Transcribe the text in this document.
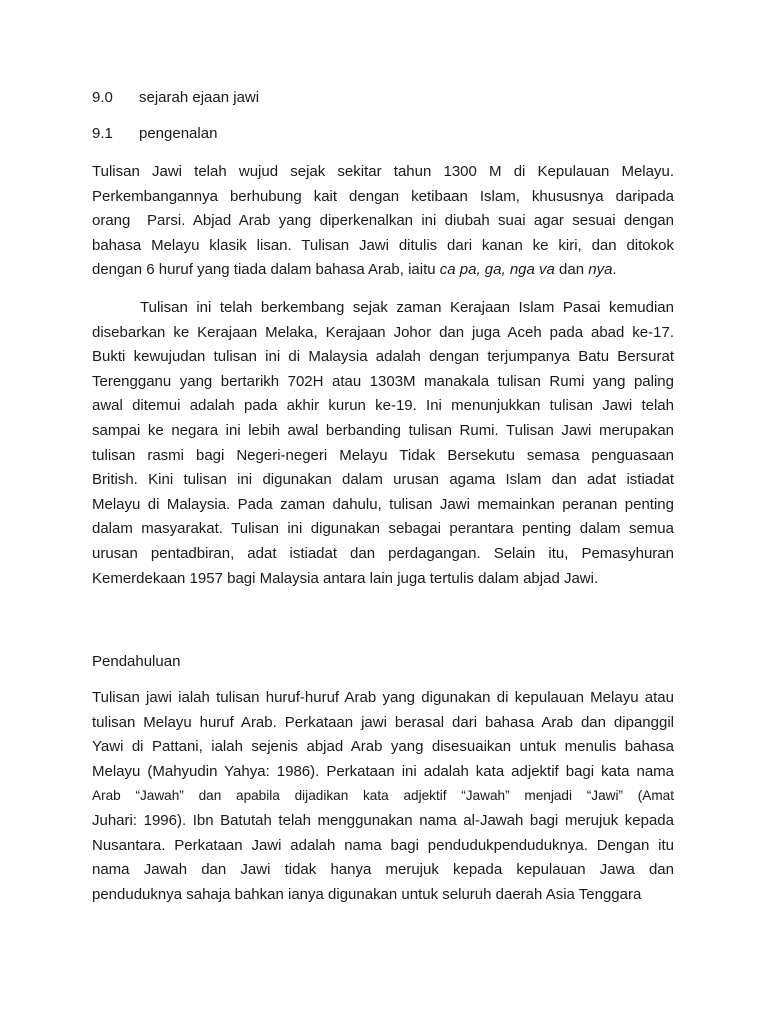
9.0 sejarah ejaan jawi
9.1 pengenalan
Tulisan Jawi telah wujud sejak sekitar tahun 1300 M di Kepulauan Melayu.
Perkembangannya berhubung kait dengan ketibaan Islam, khususnya daripada
orang  Parsi. Abjad Arab yang diperkenalkan ini diubah suai agar sesuai dengan
bahasa Melayu klasik lisan. Tulisan Jawi ditulis dari kanan ke kiri, dan ditokok
dengan 6 huruf yang tiada dalam bahasa Arab, iaitu ca pa, ga, nga va dan nya.
Tulisan ini telah berkembang sejak zaman Kerajaan Islam Pasai kemudian
disebarkan ke Kerajaan Melaka, Kerajaan Johor dan juga Aceh pada abad ke-17.
Bukti kewujudan tulisan ini di Malaysia adalah dengan terjumpanya Batu Bersurat
Terengganu yang bertarikh 702H atau 1303M manakala tulisan Rumi yang paling
awal ditemui adalah pada akhir kurun ke-19. Ini menunjukkan tulisan Jawi telah
sampai ke negara ini lebih awal berbanding tulisan Rumi. Tulisan Jawi merupakan
tulisan rasmi bagi Negeri-negeri Melayu Tidak Bersekutu semasa penguasaan
British. Kini tulisan ini digunakan dalam urusan agama Islam dan adat istiadat
Melayu di Malaysia. Pada zaman dahulu, tulisan Jawi memainkan peranan penting
dalam masyarakat. Tulisan ini digunakan sebagai perantara penting dalam semua
urusan pentadbiran, adat istiadat dan perdagangan. Selain itu, Pemasyhuran
Kemerdekaan 1957 bagi Malaysia antara lain juga tertulis dalam abjad Jawi.
Pendahuluan
Tulisan jawi ialah tulisan huruf-huruf Arab yang digunakan di kepulauan Melayu atau
tulisan Melayu huruf Arab. Perkataan jawi berasal dari bahasa Arab dan dipanggil
Yawi di Pattani, ialah sejenis abjad Arab yang disesuaikan untuk menulis bahasa
Melayu (Mahyudin Yahya: 1986). Perkataan ini adalah kata adjektif bagi kata nama
Arab “Jawah” dan apabila dijadikan kata adjektif “Jawah” menjadi “Jawi” (Amat
Juhari: 1996). Ibn Batutah telah menggunakan nama al-Jawah bagi merujuk kepada
Nusantara. Perkataan Jawi adalah nama bagi pendudukpenduduknya. Dengan itu
nama Jawah dan Jawi tidak hanya merujuk kepada kepulauan Jawa dan
penduduknya sahaja bahkan ianya digunakan untuk seluruh daerah Asia Tenggara
